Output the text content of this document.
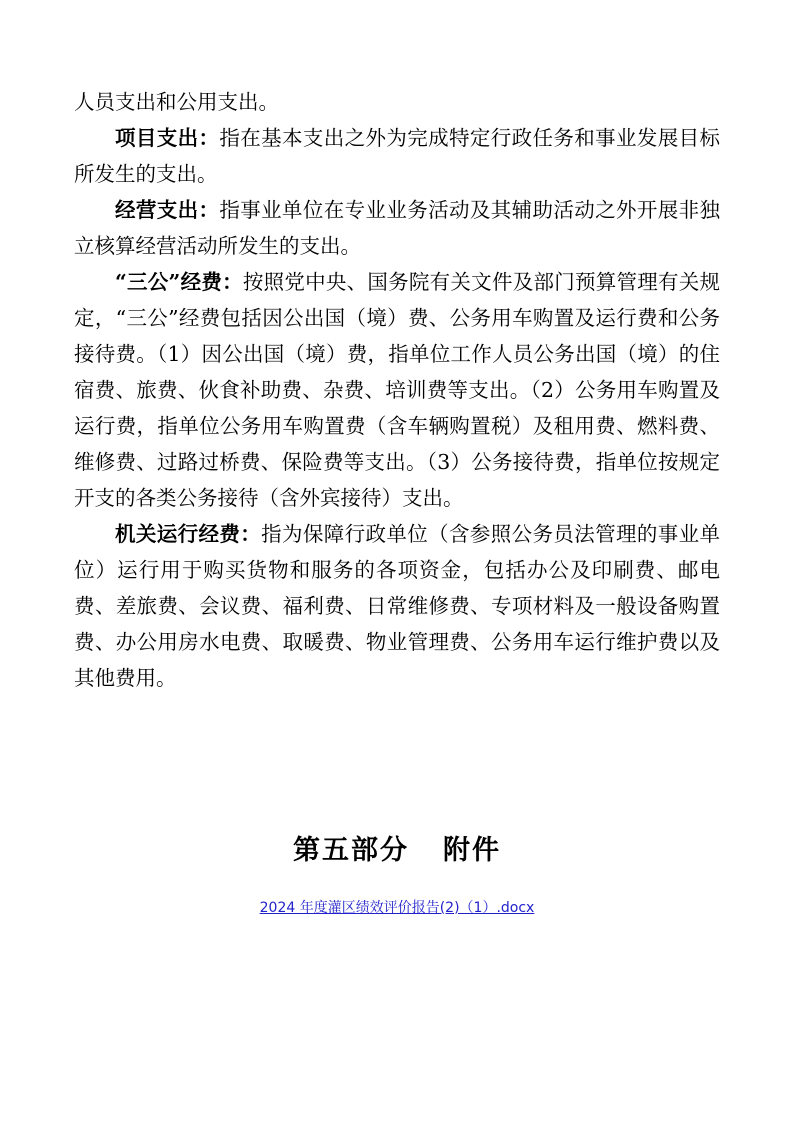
人员支出和公用支出。

项目支出：指在基本支出之外为完成特定行政任务和事业发展目标所发生的支出。

经营支出：指事业单位在专业业务活动及其辅助活动之外开展非独立核算经营活动所发生的支出。

“三公”经费：按照党中央、国务院有关文件及部门预算管理有关规定，“三公”经费包括因公出国（境）费、公务用车购置及运行费和公务接待费。（1）因公出国（境）费，指单位工作人员公务出国（境）的住宿费、旅费、伙食补助费、杂费、培训费等支出。（2）公务用车购置及运行费，指单位公务用车购置费（含车辆购置税）及租用费、燃料费、维修费、过路过桥费、保险费等支出。（3）公务接待费，指单位按规定开支的各类公务接待（含外宾接待）支出。

机关运行经费：指为保障行政单位（含参照公务员法管理的事业单位）运行用于购买货物和服务的各项资金，包括办公及印刷费、邮电费、差旅费、会议费、福利费、日常维修费、专项材料及一般设备购置费、办公用房水电费、取暖费、物业管理费、公务用车运行维护费以及其他费用。

第五部分 附件
2024 年度灌区绩效评价报告(2)（1）.docx
